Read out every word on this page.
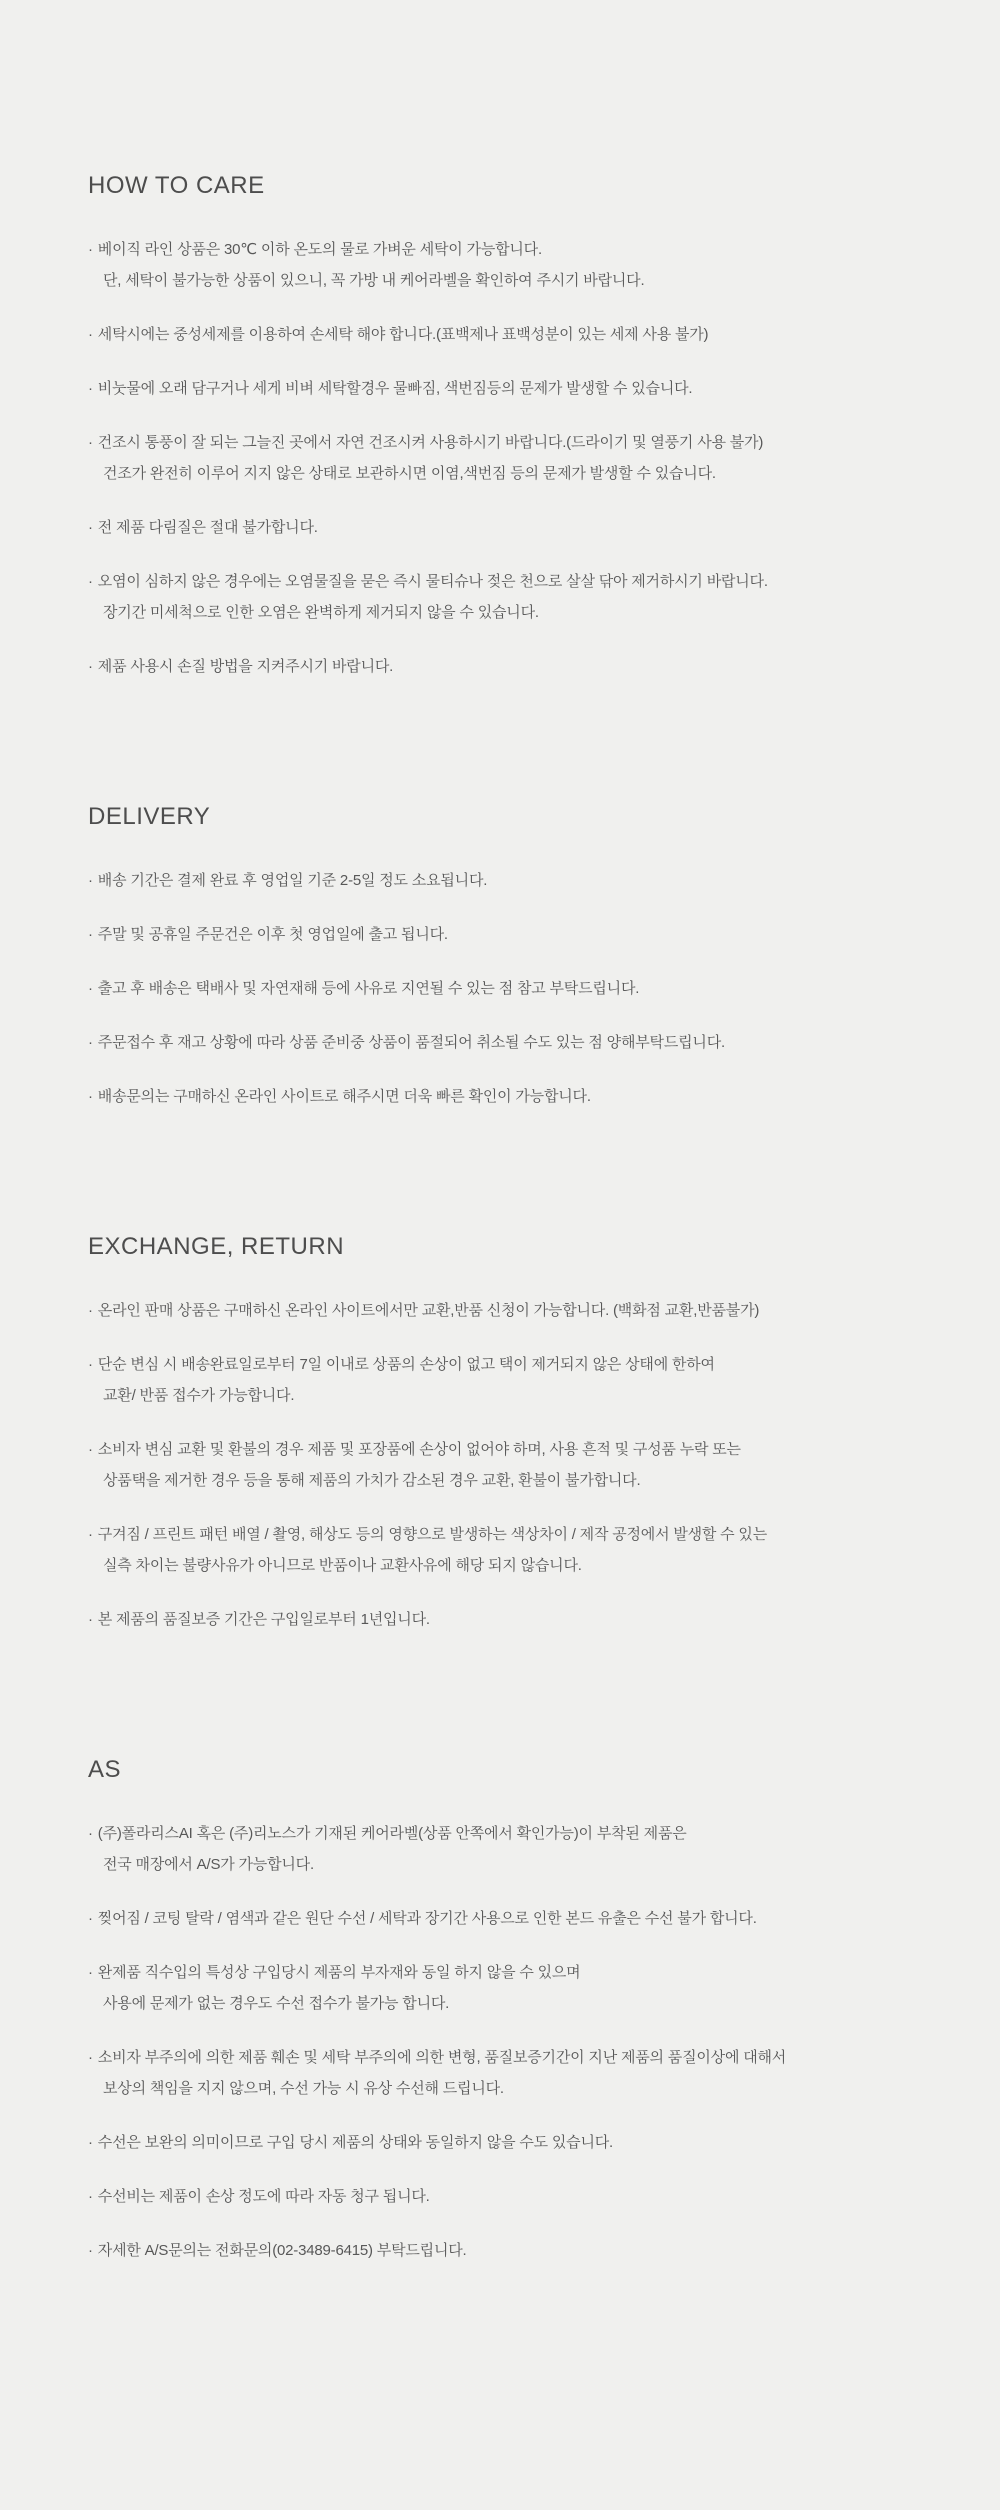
HOW TO CARE
· 베이직 라인 상품은 30℃ 이하 온도의 물로 가벼운 세탁이 가능합니다.
단, 세탁이 불가능한 상품이 있으니, 꼭 가방 내 케어라벨을 확인하여 주시기 바랍니다.
· 세탁시에는 중성세제를 이용하여 손세탁 해야 합니다.(표백제나 표백성분이 있는 세제 사용 불가)
· 비눗물에 오래 담구거나 세게 비벼 세탁할경우 물빠짐, 색번짐등의 문제가 발생할 수 있습니다.
· 건조시 통풍이 잘 되는 그늘진 곳에서 자연 건조시켜 사용하시기 바랍니다.(드라이기 및 열풍기 사용 불가)
건조가 완전히 이루어 지지 않은 상태로 보관하시면 이염,색번짐 등의 문제가 발생할 수 있습니다.
· 전 제품 다림질은 절대 불가합니다.
· 오염이 심하지 않은 경우에는 오염물질을 묻은 즉시 물티슈나 젖은 천으로 살살 닦아 제거하시기 바랍니다.
장기간 미세척으로 인한 오염은 완벽하게 제거되지 않을 수 있습니다.
· 제품 사용시 손질 방법을 지켜주시기 바랍니다.
DELIVERY
· 배송 기간은 결제 완료 후 영업일 기준 2-5일 정도 소요됩니다.
· 주말 및 공휴일 주문건은 이후 첫 영업일에 출고 됩니다.
· 출고 후 배송은 택배사 및 자연재해 등에 사유로 지연될 수 있는 점 참고 부탁드립니다.
· 주문접수 후 재고 상황에 따라 상품 준비중 상품이 품절되어 취소될 수도 있는 점 양해부탁드립니다.
· 배송문의는 구매하신 온라인 사이트로 해주시면 더욱 빠른 확인이 가능합니다.
EXCHANGE, RETURN
· 온라인 판매 상품은 구매하신 온라인 사이트에서만 교환,반품 신청이 가능합니다. (백화점 교환,반품불가)
· 단순 변심 시 배송완료일로부터 7일 이내로 상품의 손상이 없고 택이 제거되지 않은 상태에 한하여
교환/ 반품 접수가 가능합니다.
· 소비자 변심 교환 및 환불의 경우 제품 및 포장품에 손상이 없어야 하며, 사용 흔적 및 구성품 누락 또는
상품택을 제거한 경우 등을 통해 제품의 가치가 감소된 경우 교환, 환불이 불가합니다.
· 구겨짐 / 프린트 패턴 배열 / 촬영, 해상도 등의 영향으로 발생하는 색상차이 / 제작 공정에서 발생할 수 있는
실측 차이는 불량사유가 아니므로 반품이나 교환사유에 해당 되지 않습니다.
· 본 제품의 품질보증 기간은 구입일로부터 1년입니다.
AS
· (주)폴라리스AI 혹은 (주)리노스가 기재된 케어라벨(상품 안쪽에서 확인가능)이 부착된 제품은
전국 매장에서 A/S가 가능합니다.
· 찢어짐 / 코팅 탈락 / 염색과 같은 원단 수선 / 세탁과 장기간 사용으로 인한 본드 유출은 수선 불가 합니다.
· 완제품 직수입의 특성상 구입당시 제품의 부자재와 동일 하지 않을 수 있으며
사용에 문제가 없는 경우도 수선 접수가 불가능 합니다.
· 소비자 부주의에 의한 제품 훼손 및 세탁 부주의에 의한 변형, 품질보증기간이 지난 제품의 품질이상에 대해서
보상의 책임을 지지 않으며, 수선 가능 시 유상 수선해 드립니다.
· 수선은 보완의 의미이므로 구입 당시 제품의 상태와 동일하지 않을 수도 있습니다.
· 수선비는 제품이 손상 정도에 따라 자동 청구 됩니다.
· 자세한 A/S문의는 전화문의(02-3489-6415) 부탁드립니다.
